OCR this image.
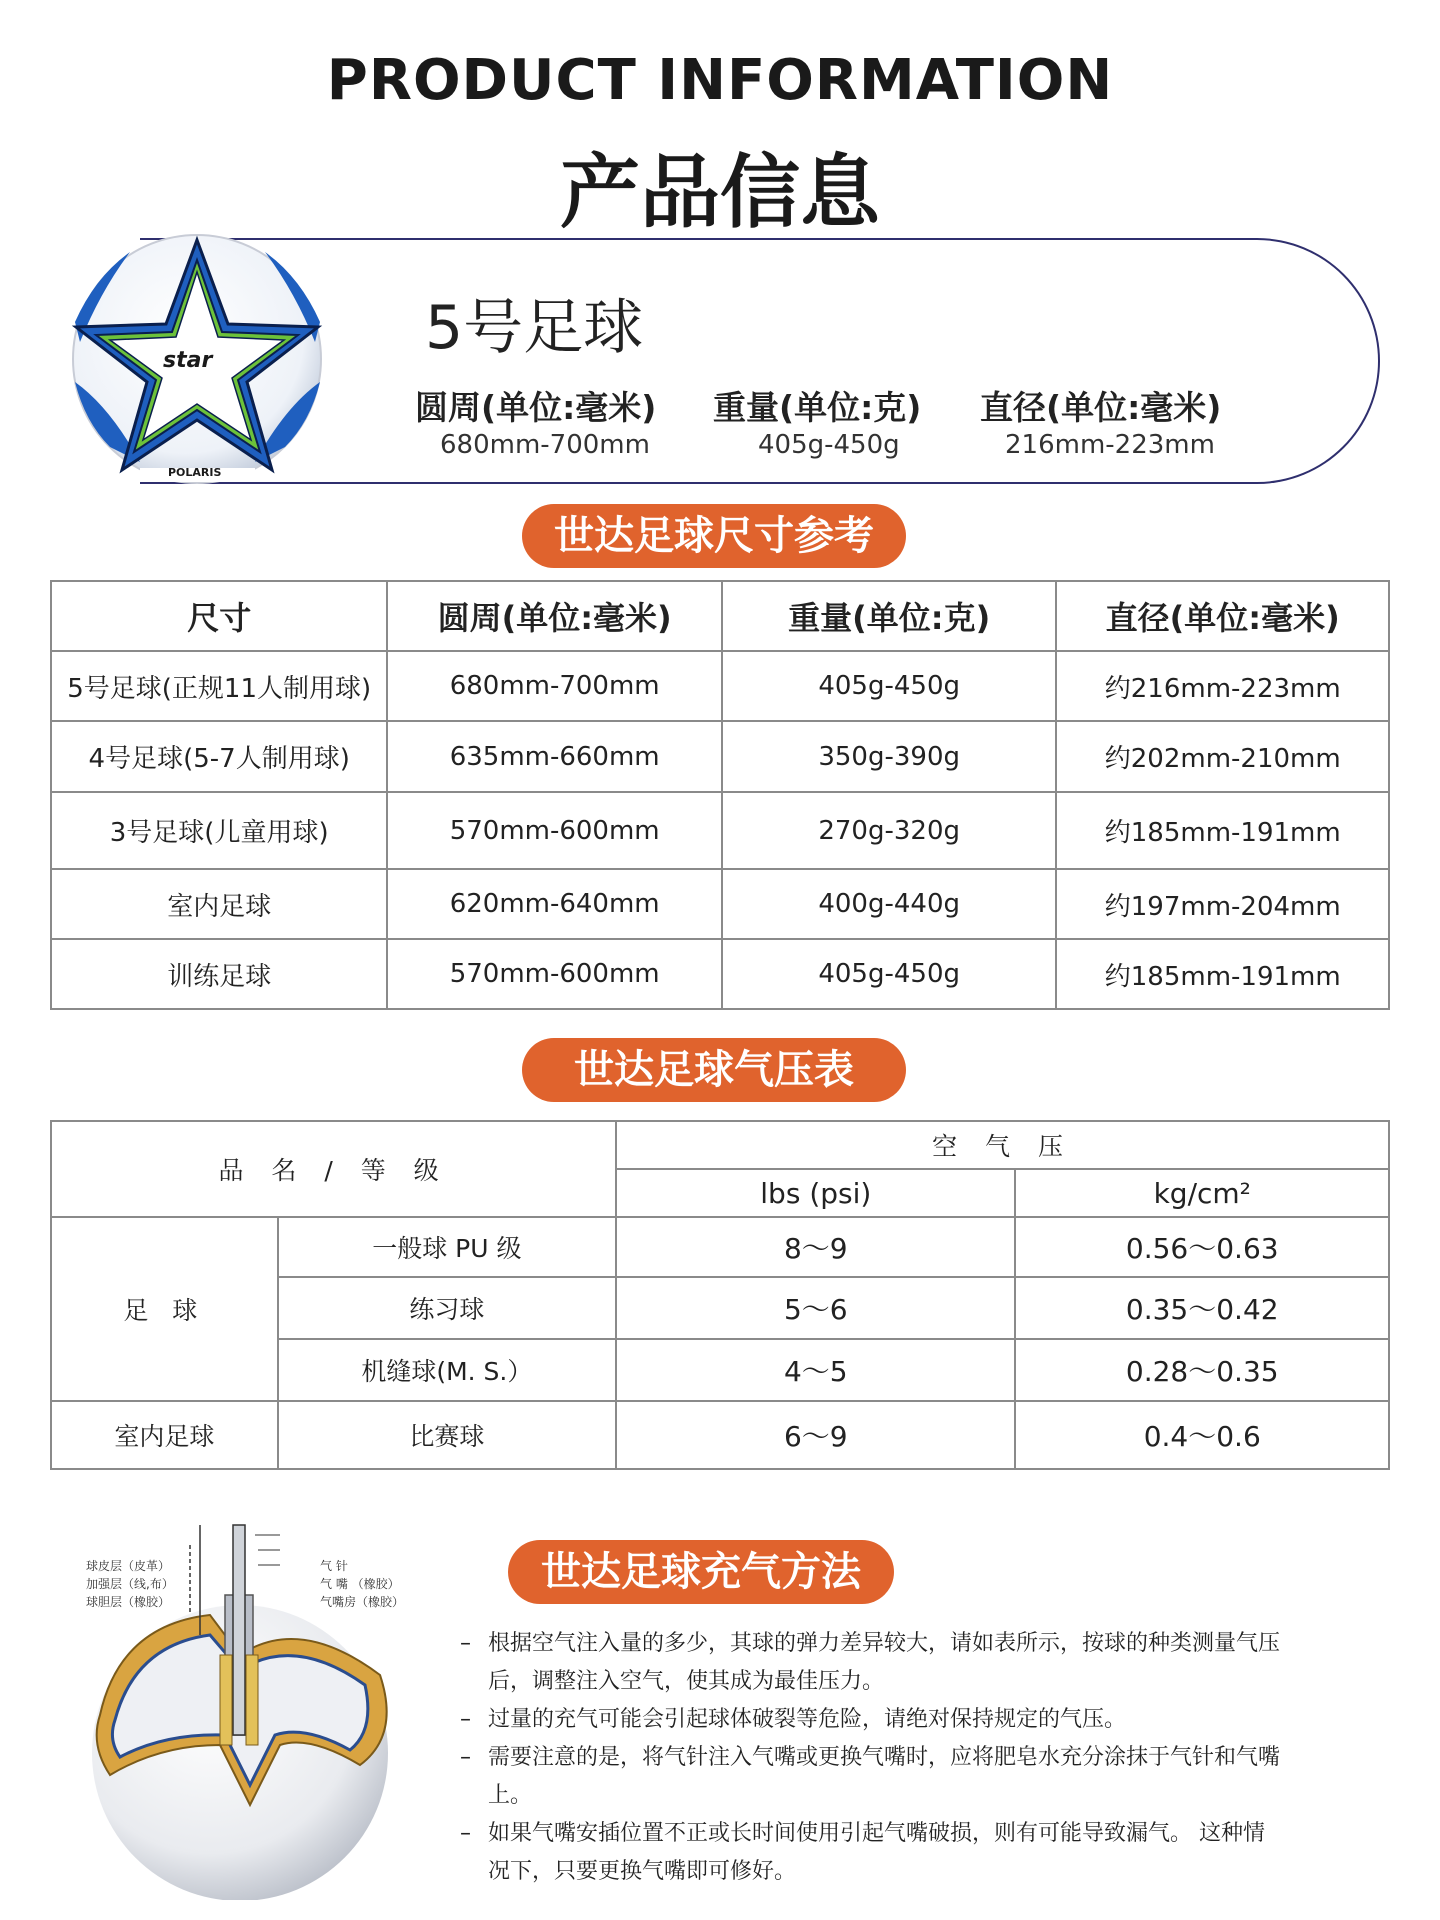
PRODUCT INFORMATION
产品信息
star
POLARIS
5号足球
圆周(单位:毫米) 重量(单位:克) 直径(单位:毫米)
680mm-700mm	405g-450g	216mm-223mm
世达足球尺寸参考
尺寸	圆周(单位:毫米)	重量(单位:克)	直径(单位:毫米)
5号足球(正规11人制用球)	680mm-700mm	405g-450g	约216mm-223mm
4号足球(5-7人制用球)	635mm-660mm	350g-390g	约202mm-210mm
3号足球(儿童用球)	570mm-600mm	270g-320g	约185mm-191mm
室内足球	620mm-640mm	400g-440g	约197mm-204mm
训练足球	570mm-600mm	405g-450g	约185mm-191mm
世达足球气压表
品 名 / 等 级		空 气 压	
		lbs (psi)	kg/cm²
足 球	一般球 PU 级	8～9	0.56～0.63
	练习球	5～6	0.35～0.42
	机缝球(M. S.）	4～5	0.28～0.35
室内足球	比赛球	6～9	0.4～0.6
球皮层（皮革）
加强层（线,布）
球胆层（橡胶）
气 针
气 嘴 （橡胶）
气嘴房（橡胶）
世达足球充气方法
– 根据空气注入量的多少，其球的弹力差异较大，请如表所示，按球的种类测量气压后，调整注入空气，使其成为最佳压力。
– 过量的充气可能会引起球体破裂等危险，请绝对保持规定的气压。
– 需要注意的是，将气针注入气嘴或更换气嘴时，应将肥皂水充分涂抹于气针和气嘴上。
– 如果气嘴安插位置不正或长时间使用引起气嘴破损，则有可能导致漏气。 这种情况下，只要更换气嘴即可修好。
